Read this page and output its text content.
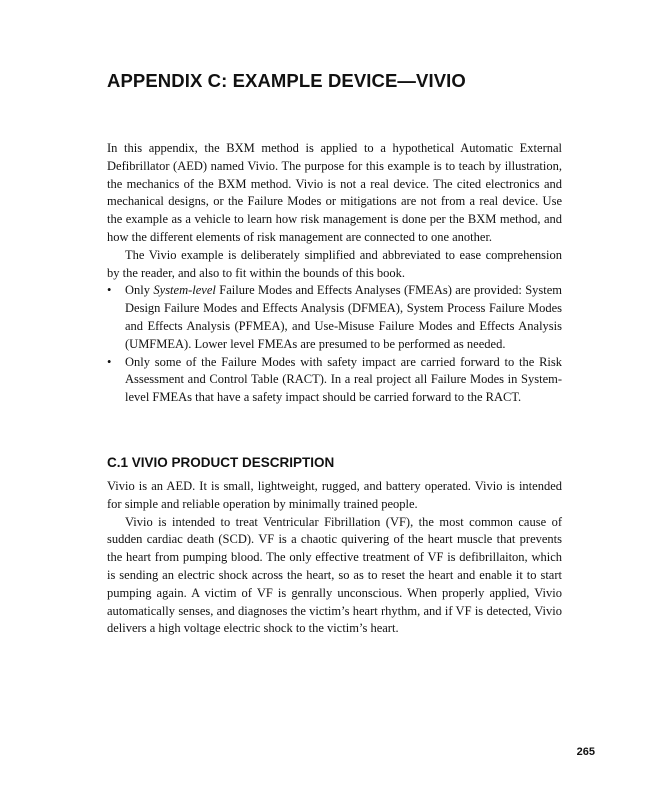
APPENDIX C: EXAMPLE DEVICE—VIVIO

In this appendix, the BXM method is applied to a hypothetical Automatic External Defibrillator (AED) named Vivio. The purpose for this example is to teach by illustration, the mechanics of the BXM method. Vivio is not a real device. The cited electronics and mechanical designs, or the Failure Modes or mitigations are not from a real device. Use the example as a vehicle to learn how risk management is done per the BXM method, and how the different elements of risk management are connected to one another.

The Vivio example is deliberately simplified and abbreviated to ease comprehension by the reader, and also to fit within the bounds of this book.

•	Only System-level Failure Modes and Effects Analyses (FMEAs) are provided: System Design Failure Modes and Effects Analysis (DFMEA), System Process Failure Modes and Effects Analysis (PFMEA), and Use-Misuse Failure Modes and Effects Analysis (UMFMEA). Lower level FMEAs are presumed to be performed as needed.
•	Only some of the Failure Modes with safety impact are carried forward to the Risk Assessment and Control Table (RACT). In a real project all Failure Modes in System-level FMEAs that have a safety impact should be carried forward to the RACT.
C.1 VIVIO PRODUCT DESCRIPTION

Vivio is an AED. It is small, lightweight, rugged, and battery operated. Vivio is intended for simple and reliable operation by minimally trained people.

Vivio is intended to treat Ventricular Fibrillation (VF), the most common cause of sudden cardiac death (SCD). VF is a chaotic quivering of the heart muscle that prevents the heart from pumping blood. The only effective treatment of VF is defibrillaiton, which is sending an electric shock across the heart, so as to reset the heart and enable it to start pumping again. A victim of VF is genrally unconscious. When properly applied, Vivio automatically senses, and diagnoses the victim’s heart rhythm, and if VF is detected, Vivio delivers a high voltage electric shock to the victim’s heart.

265
